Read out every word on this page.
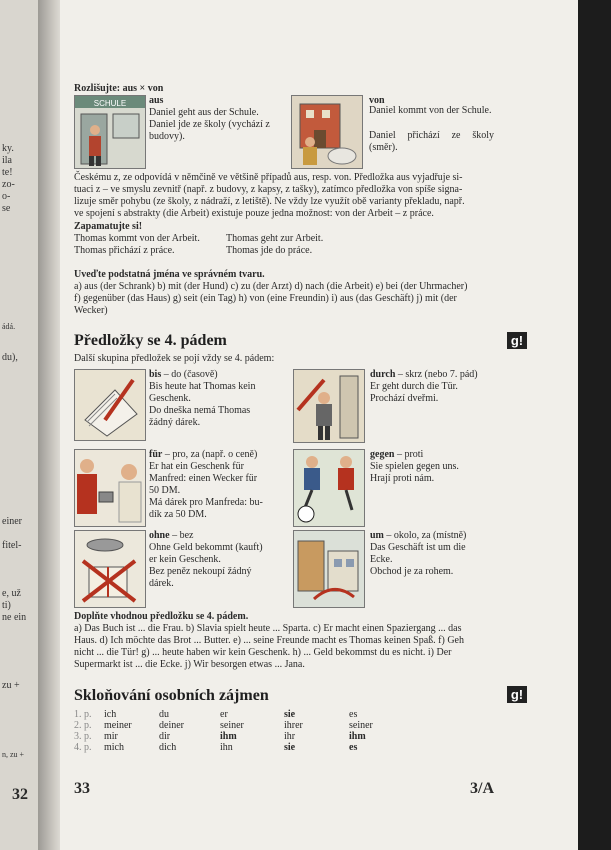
ky.
ila
te!
zo-
o-
se
ádá.
du),
einer
fitel-
e, už
ti)
ne ein
zu +
n, zu +
32
Rozlišujte: aus × von
SCHULE aus
Daniel geht aus der Schule.
Daniel jde ze školy (vychází z budovy).
von
Daniel kommt von der Schule.
Daniel přichází ze školy (směr).
Českému z, ze odpovídá v němčině ve většině případů aus, resp. von. Předložka aus vyjadřuje si-
tuaci z – ve smyslu zevnitř (např. z budovy, z kapsy, z tašky), zatímco předložka von spíše signa-
lizuje směr pohybu (ze školy, z nádraží, z letiště). Ne vždy lze využít obě varianty překladu, např.
ve spojení s abstrakty (die Arbeit) existuje pouze jedna možnost: von der Arbeit – z práce.
Zapamatujte si!
Thomas kommt von der Arbeit.
Thomas přichází z práce.
Thomas geht zur Arbeit.
Thomas jde do práce.
Uveďte podstatná jména ve správném tvaru.
a) aus (der Schrank) b) mit (der Hund) c) zu (der Arzt) d) nach (die Arbeit) e) bei (der Uhrmacher)
f) gegenüber (das Haus) g) seit (ein Tag) h) von (eine Freundin) i) aus (das Geschäft) j) mit (der
Wecker)
Předložky se 4. pádem	g!
Další skupina předložek se pojí vždy se 4. pádem:
bis – do (časově)
Bis heute hat Thomas kein
Geschenk.
Do dneška nemá Thomas
žádný dárek.
durch – skrz (nebo 7. pád)
Er geht durch die Tür.
Prochází dveřmi.
für – pro, za (např. o ceně)
Er hat ein Geschenk für
Manfred: einen Wecker für
50 DM.
Má dárek pro Manfreda: bu-
dík za 50 DM.
gegen – proti
Sie spielen gegen uns.
Hrají proti nám.
ohne – bez
Ohne Geld bekommt (kauft)
er kein Geschenk.
Bez peněz nekoupí žádný
dárek.
um – okolo, za (místně)
Das Geschäft ist um die
Ecke.
Obchod je za rohem.
Doplňte vhodnou předložku se 4. pádem.
a) Das Buch ist ... die Frau. b) Slavia spielt heute ... Sparta. c) Er macht einen Spaziergang ... das
Haus. d) Ich möchte das Brot ... Butter. e) ... seine Freunde macht es Thomas keinen Spaß. f) Geh
nicht ... die Tür! g) ... heute haben wir kein Geschenk. h) ... Geld bekommst du es nicht. i) Der
Supermarkt ist ... die Ecke. j) Wir besorgen etwas ... Jana.
Skloňování osobních zájmen	g!
1. p.	ich	du	er	sie	es
2. p.	meiner	deiner	seiner	ihrer	seiner
3. p.	mir	dir	ihm	ihr	ihm
4. p.	mich	dich	ihn	sie	es
33	3/A
